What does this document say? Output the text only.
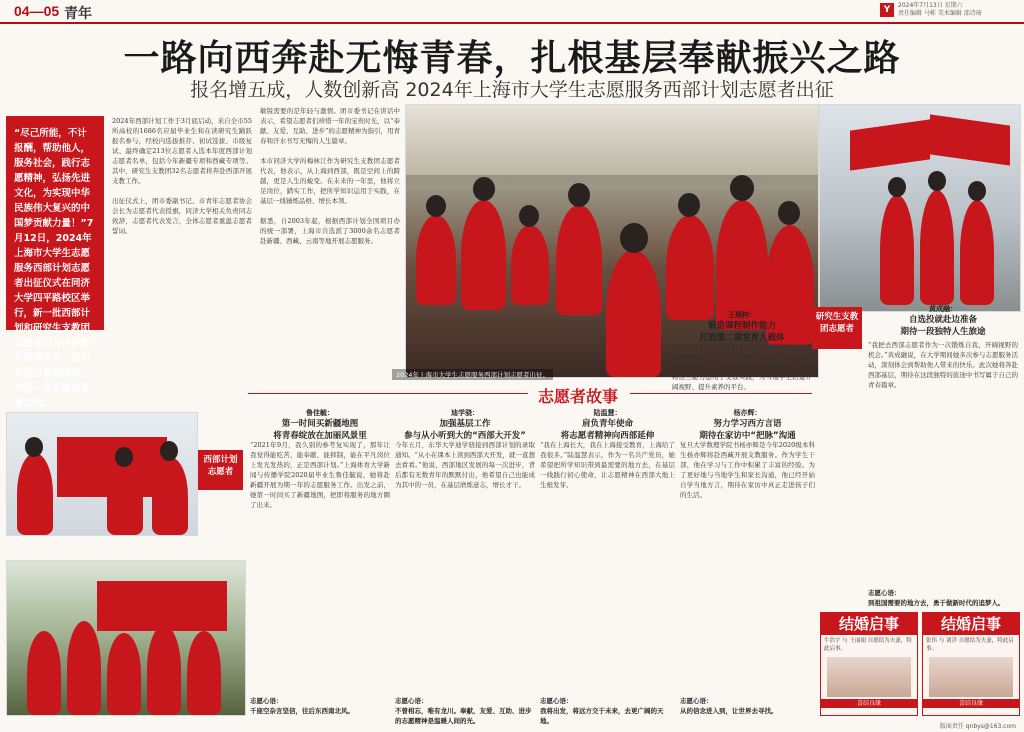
04—05 青年	Y	2024年7月13日 星期六
责任编辑 马栋 美术编辑 邵诗琦
一路向西奔赴无悔青春，扎根基层奉献振兴之路
报名增五成，人数创新高 2024年上海市大学生志愿服务西部计划志愿者出征
“尽己所能，不计报酬，帮助他人，服务社会，践行志愿精神，弘扬先进文化，为实现中华民族伟大复兴的中国梦贡献力量！”7月12日，2024年上海市大学生志愿服务西部计划志愿者出征仪式在同济大学四平路校区举行，新一批西部计划和研究生支教团志愿者们的铮铮誓言铿锵有力，他们将接力奉献西部，奔赴一场无悔的青春之约。
2024年西部计划工作于3月底启动，来自全市55所高校的1686名应届毕业生和在读研究生踊跃报名参与，经校内选拔推荐、初试选拔、市级复试、最终确定213位志愿者入选本年度西部计划志愿者名单，包括今年新疆专项和西藏专项等。其中，研究生支教团32名志愿者将奔赴西部开展支教工作。

出征仪式上，团市委副书记、市青年志愿者协会会长为志愿者代表授旗，同济大学相关负责同志致辞，志愿者代表发言，全体志愿者重温志愿者誓词。
敏锐需要的是年轻与激情。团市委书记在讲话中表示，希望志愿者们珍惜一年的宝贵时光，以“奉献、友爱、互助、进步”的志愿精神为指引，用青春和汗水书写无悔的人生篇章。

本市同济大学的梅林江作为研究生支教团志愿者代表，他表示，从上海到西部，既是空间上的跨越，更是人生的蜕变。在未来的一年里，他将立足岗位，踏实工作，把所学知识运用于实践，在基层一线锤炼品格、增长本领。

据悉，自2003年起，根据西部计划全国项目办的统一部署，上海市共选派了3000余名志愿者赴新疆、西藏、云南等地开展志愿服务。
2024年上海市大学生志愿服务西部计划志愿者出征。
研究生支教团志愿者
西部计划志愿者
志愿者故事
鲁佳毓：
第一时间买新疆地图
将青春绽放在加丽风景里
“2021年9月，我久别的参考复实现了，那年让我觉得能吃苦、能奉献、能抑制，能在平凡岗位上发光发热的，正是西部计划。”上海体育大学新闻与传播学院2020届毕业生鲁佳毓说，她将赴新疆开展为期一年的志愿服务工作。出发之前，她第一时间买了新疆地图，把即将服务的地方圈了出来。
志愿心语：
千座空杂言坚信，往后东西南北风。
迪学骁：
加强基层工作
参与从小听到大的“西部大开发”
今年五月，东华大学迪学骁接到西部计划的录取通知。“从小在课本上读到西部大开发，就一直想去看看。”他说，西部地区发展的每一次进步，背后都有无数青年的默默付出，他希望自己也能成为其中的一员，在基层磨炼意志，增长才干。
志愿心语：
不曾相忘，唯有龙川。奉献、友爱、互助、进步的志愿精神是温暖人间的光。
陆温慧：
肩负青年使命
将志愿者精神向西部延伸
“我在上海长大，我在上海接受教育，上海给了我很多。”陆温慧表示，作为一名共产党员，她希望把所学知识带到最需要的地方去，在基层一线践行初心使命，让志愿精神在西部大地上生根发芽。
志愿心语：
我将出发，将远方交于未来，去更广阔的天地。
杨亦辉：
努力学习西方言语
期待在家访中“把脉”沟通
复旦大学数理学院书杨亦辉是今年2020级本科生杨亦辉将赴西藏开展支教服务。作为学生干部，他在学习与工作中积累了丰富的经验。为了更好地与当地学生和家长沟通，他已经开始自学当地方言，期待在家访中真正走进孩子们的生活。
志愿心语：
从的信念进入到，让世界去寻找。
王瑞梓：
锻造课程制作能力
打造第二课堂育人载体
来自同济大学交通工程专业的王瑞梓即将前往西部开展为期一年的“第二课堂”支教工作。她在大学期间积累了丰富的课程策划与制作经验，希望将这些能力运用于支教实践，为当地学生搭建开阔视野、提升素养的平台。
黄成融：
自选投就赴边准备
期待一段独特人生旅途
“我把去西部志愿者作为一次锻炼自我、开阔视野的机会。”黄成融说，在大学期间她多次参与志愿服务活动，深刻体会到帮助他人带来的快乐。此次她将奔赴西部基层，期待在这段独特的旅途中书写属于自己的青春篇章。
志愿心语：
到祖国需要的地方去，勇于做新时代的追梦人。
结婚启事
牛浩宇 与 王丽娟 自愿结为夫妻，特此启事。
喜结良缘
结婚启事
张伟 与 刘洋 自愿结为夫妻，特此启事。
喜结良缘
版面责任 qnbys@163.com
